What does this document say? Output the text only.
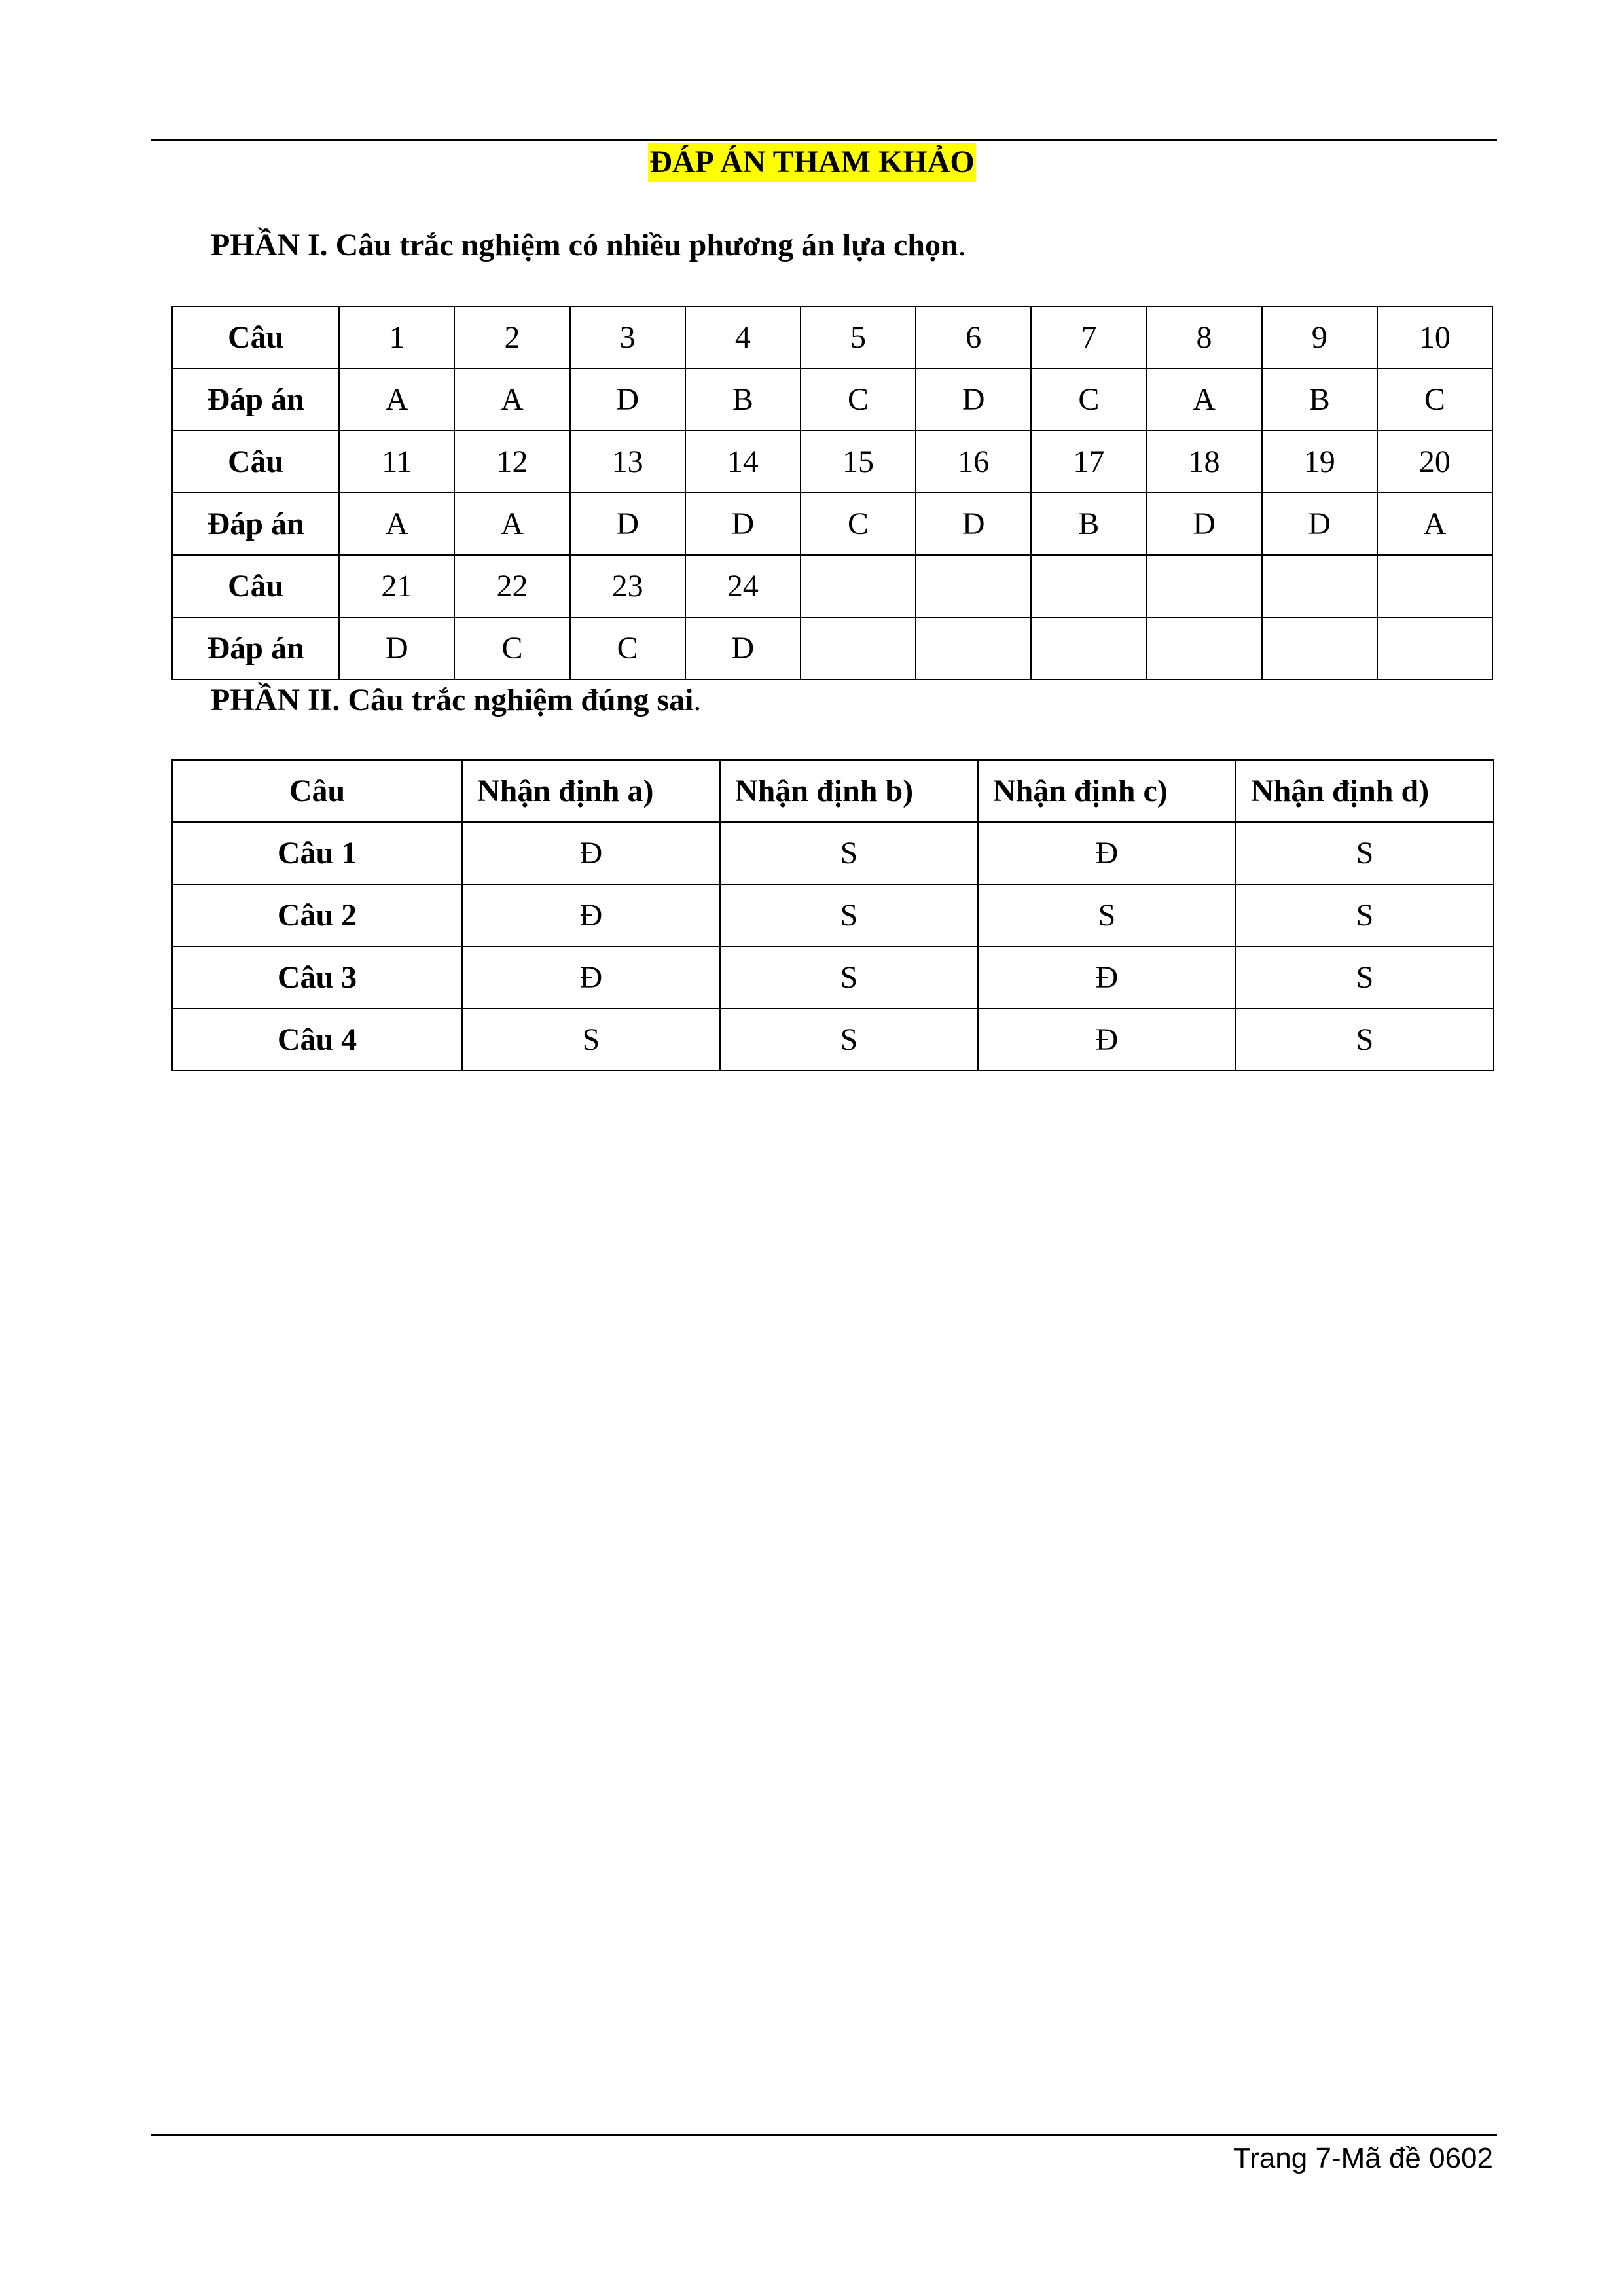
ĐÁP ÁN THAM KHẢO
PHẦN I. Câu trắc nghiệm có nhiều phương án lựa chọn.
Câu	1	2	3	4	5	6	7	8	9	10
Đáp án	A	A	D	B	C	D	C	A	B	C
Câu	11	12	13	14	15	16	17	18	19	20
Đáp án	A	A	D	D	C	D	B	D	D	A
Câu	21	22	23	24						
Đáp án	D	C	C	D						
PHẦN II. Câu trắc nghiệm đúng sai.
Câu	Nhận định a)	Nhận định b)	Nhận định c)	Nhận định d)
Câu 1	Đ	S	Đ	S
Câu 2	Đ	S	S	S
Câu 3	Đ	S	Đ	S
Câu 4	S	S	Đ	S
Trang 7-Mã đề 0602
